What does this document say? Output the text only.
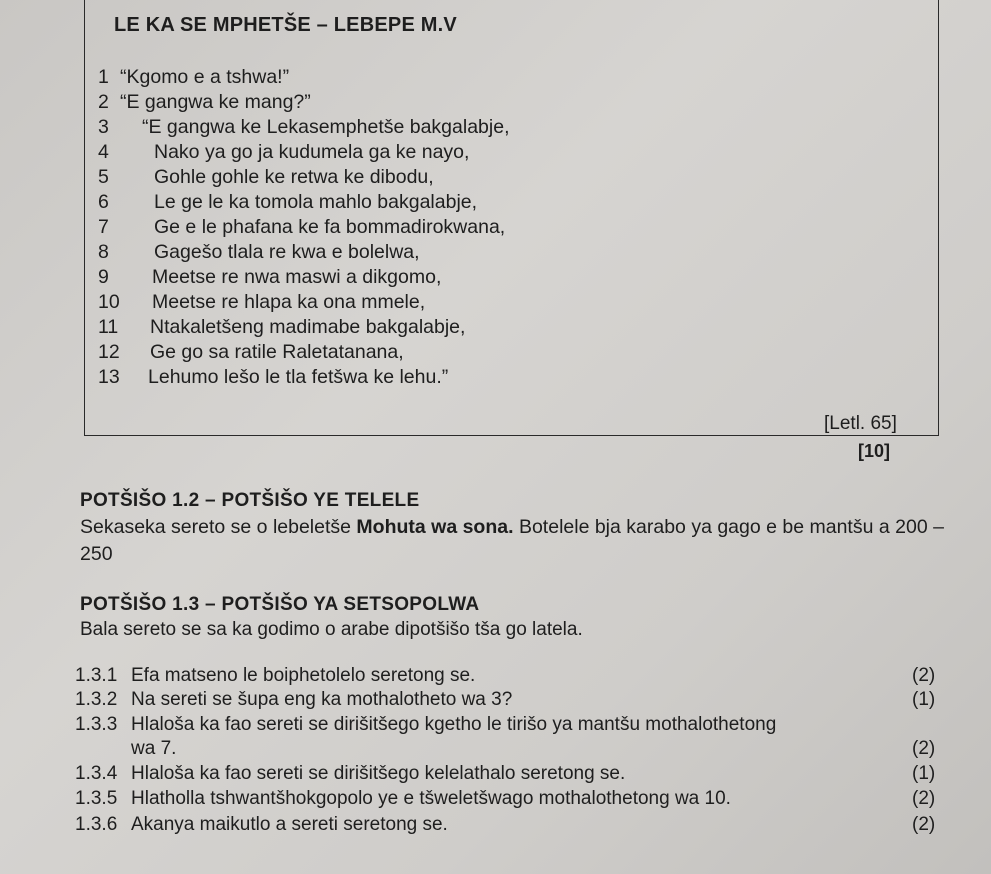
LE KA SE MPHETŠE – LEBEPE M.V
1 “Kgomo e a tshwa!”
2 “E gangwa ke mang?”
3	“E gangwa ke Lekasemphetše bakgalabje,
4	Nako ya go ja kudumela ga ke nayo,
5	Gohle gohle ke retwa ke dibodu,
6	Le ge le ka tomola mahlo bakgalabje,
7	Ge e le phafana ke fa bommadirokwana,
8	Gagešo tlala re kwa e bolelwa,
9	Meetse re nwa maswi a dikgomo,
10	Meetse re hlapa ka ona mmele,
11	Ntakaletšeng madimabe bakgalabje,
12	Ge go sa ratile Raletatanana,
13	Lehumo lešo le tla fetšwa ke lehu.”
[Letl. 65]
[10]
POTŠIŠO 1.2 – POTŠIŠO YE TELELE
Sekaseka sereto se o lebeletše Mohuta wa sona. Botelele bja karabo ya gago e be mantšu a 200 – 250
POTŠIŠO 1.3 – POTŠIŠO YA SETSOPOLWA
Bala sereto se sa ka godimo o arabe dipotšišo tša go latela.
1.3.1 Efa matseno le boiphetolelo seretong se.	(2)
1.3.2 Na sereti se šupa eng ka mothalotheto wa 3?	(1)
1.3.3 Hlaloša ka fao sereti se dirišitšego kgetho le tirišo ya mantšu mothalothetong
wa 7.	(2)
1.3.4 Hlaloša ka fao sereti se dirišitšego kelelathalo seretong se.	(1)
1.3.5 Hlatholla tshwantšhokgopolo ye e tšweletšwago mothalothetong wa 10.	(2)
1.3.6 Akanya maikutlo a sereti seretong se.	(2)
